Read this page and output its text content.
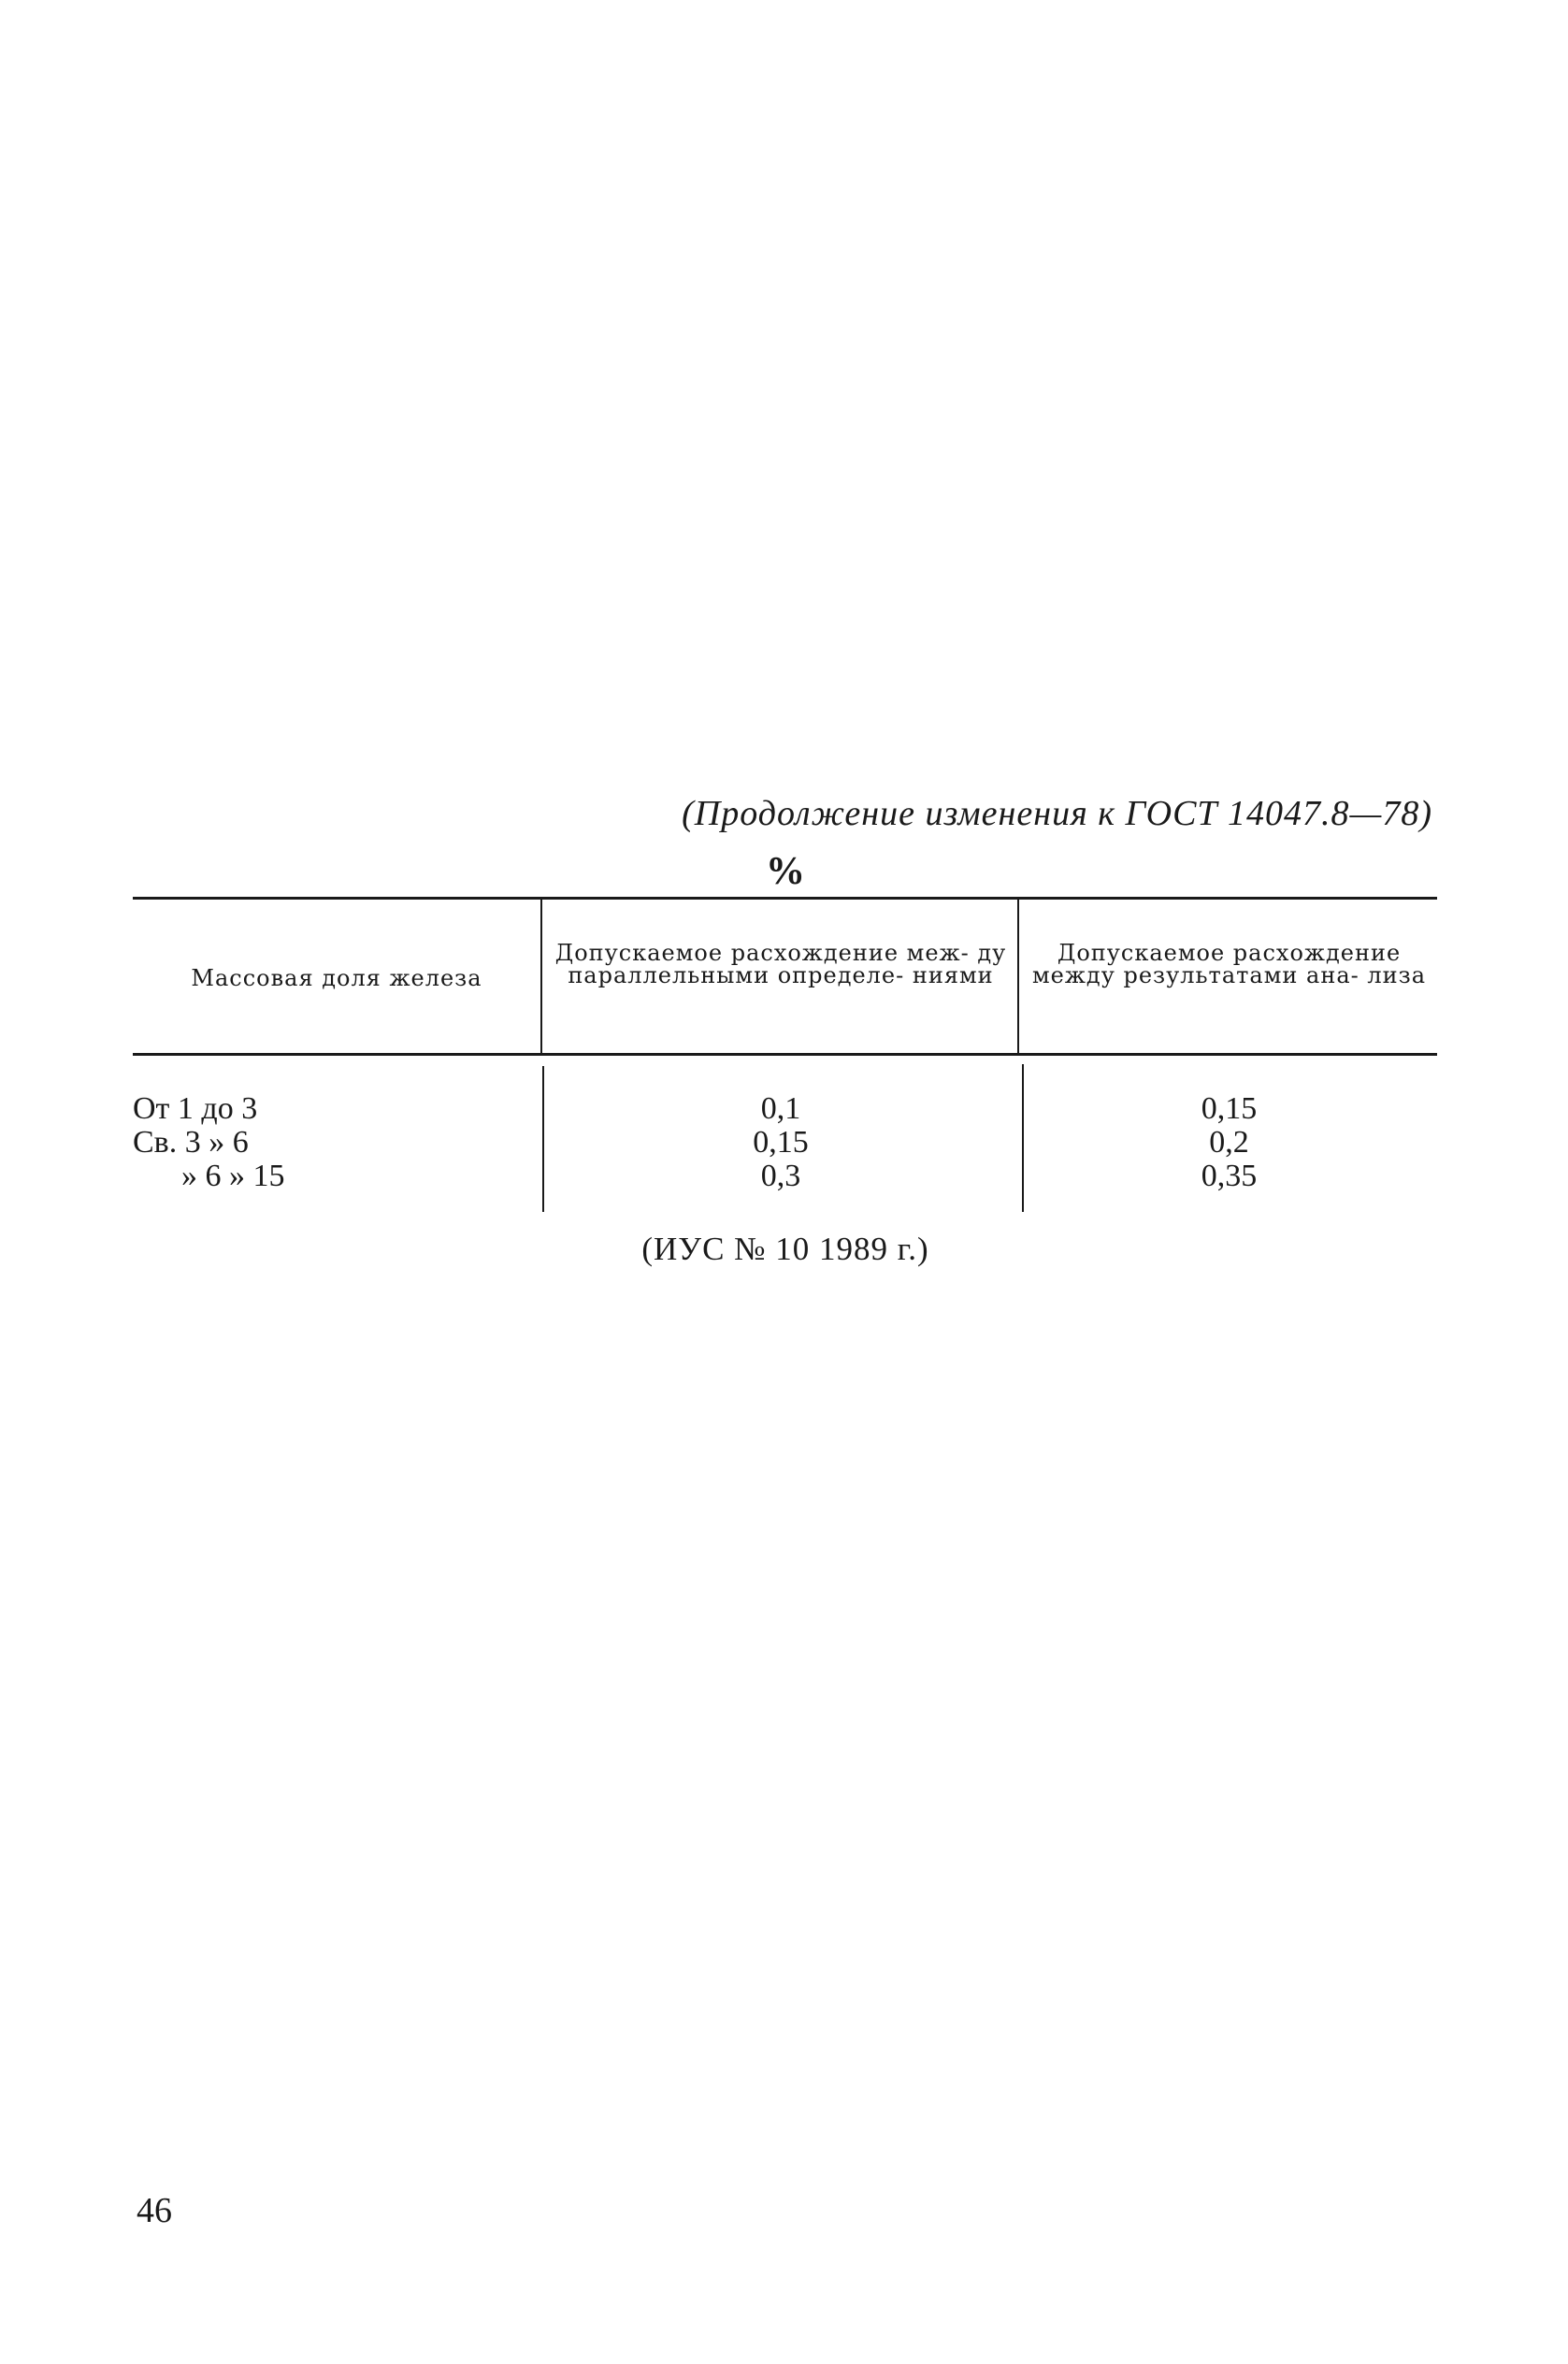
(Продолжение изменения к ГОСТ 14047.8—78)
%
Массовая доля железа
Допускаемое расхождение меж- ду параллельными определе- ниями
Допускаемое расхождение между результатами ана- лиза
От 1 до 3
Св. 3 » 6
» 6 » 15
0,1
0,15
0,3
0,15
0,2
0,35
(ИУС № 10 1989 г.)
46
